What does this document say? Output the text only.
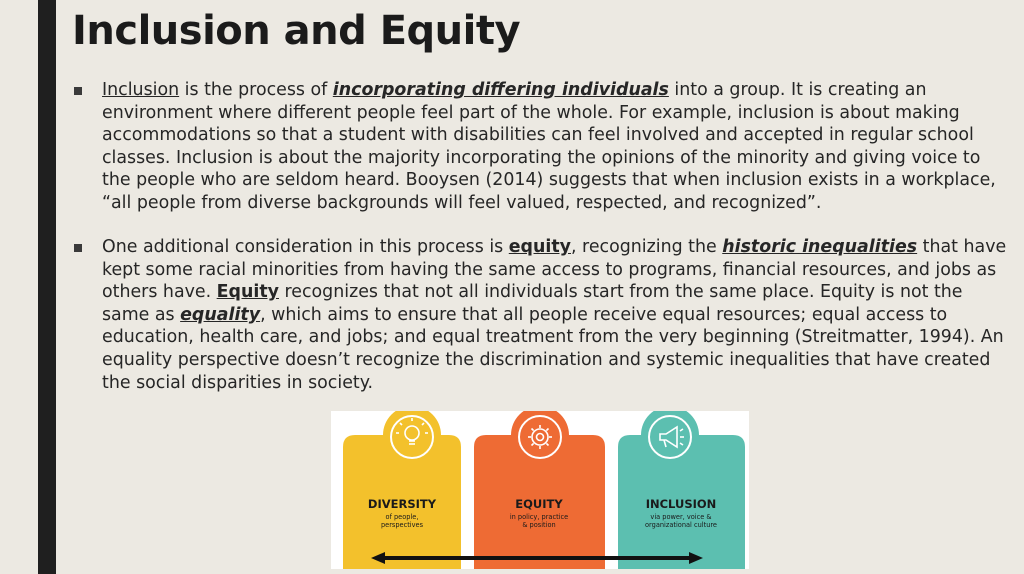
Inclusion and Equity
Inclusion is the process of incorporating differing individuals into a group. It is creating an environment where different people feel part of the whole. For example, inclusion is about making accommodations so that a student with disabilities can feel involved and accepted in regular school classes. Inclusion is about the majority incorporating the opinions of the minority and giving voice to the people who are seldom heard. Booysen (2014) suggests that when inclusion exists in a workplace, “all people from diverse backgrounds will feel valued, respected, and recognized”.
One additional consideration in this process is equity, recognizing the historic inequalities that have kept some racial minorities from having the same access to programs, financial resources, and jobs as others have. Equity recognizes that not all individuals start from the same place. Equity is not the same as equality, which aims to ensure that all people receive equal resources; equal access to education, health care, and jobs; and equal treatment from the very beginning (Streitmatter, 1994). An equality perspective doesn’t recognize the discrimination and systemic inequalities that have created the social disparities in society.
DIVERSITY
of people,
perspectives
EQUITY
in policy, practice
& position
INCLUSION
via power, voice &
organizational culture
